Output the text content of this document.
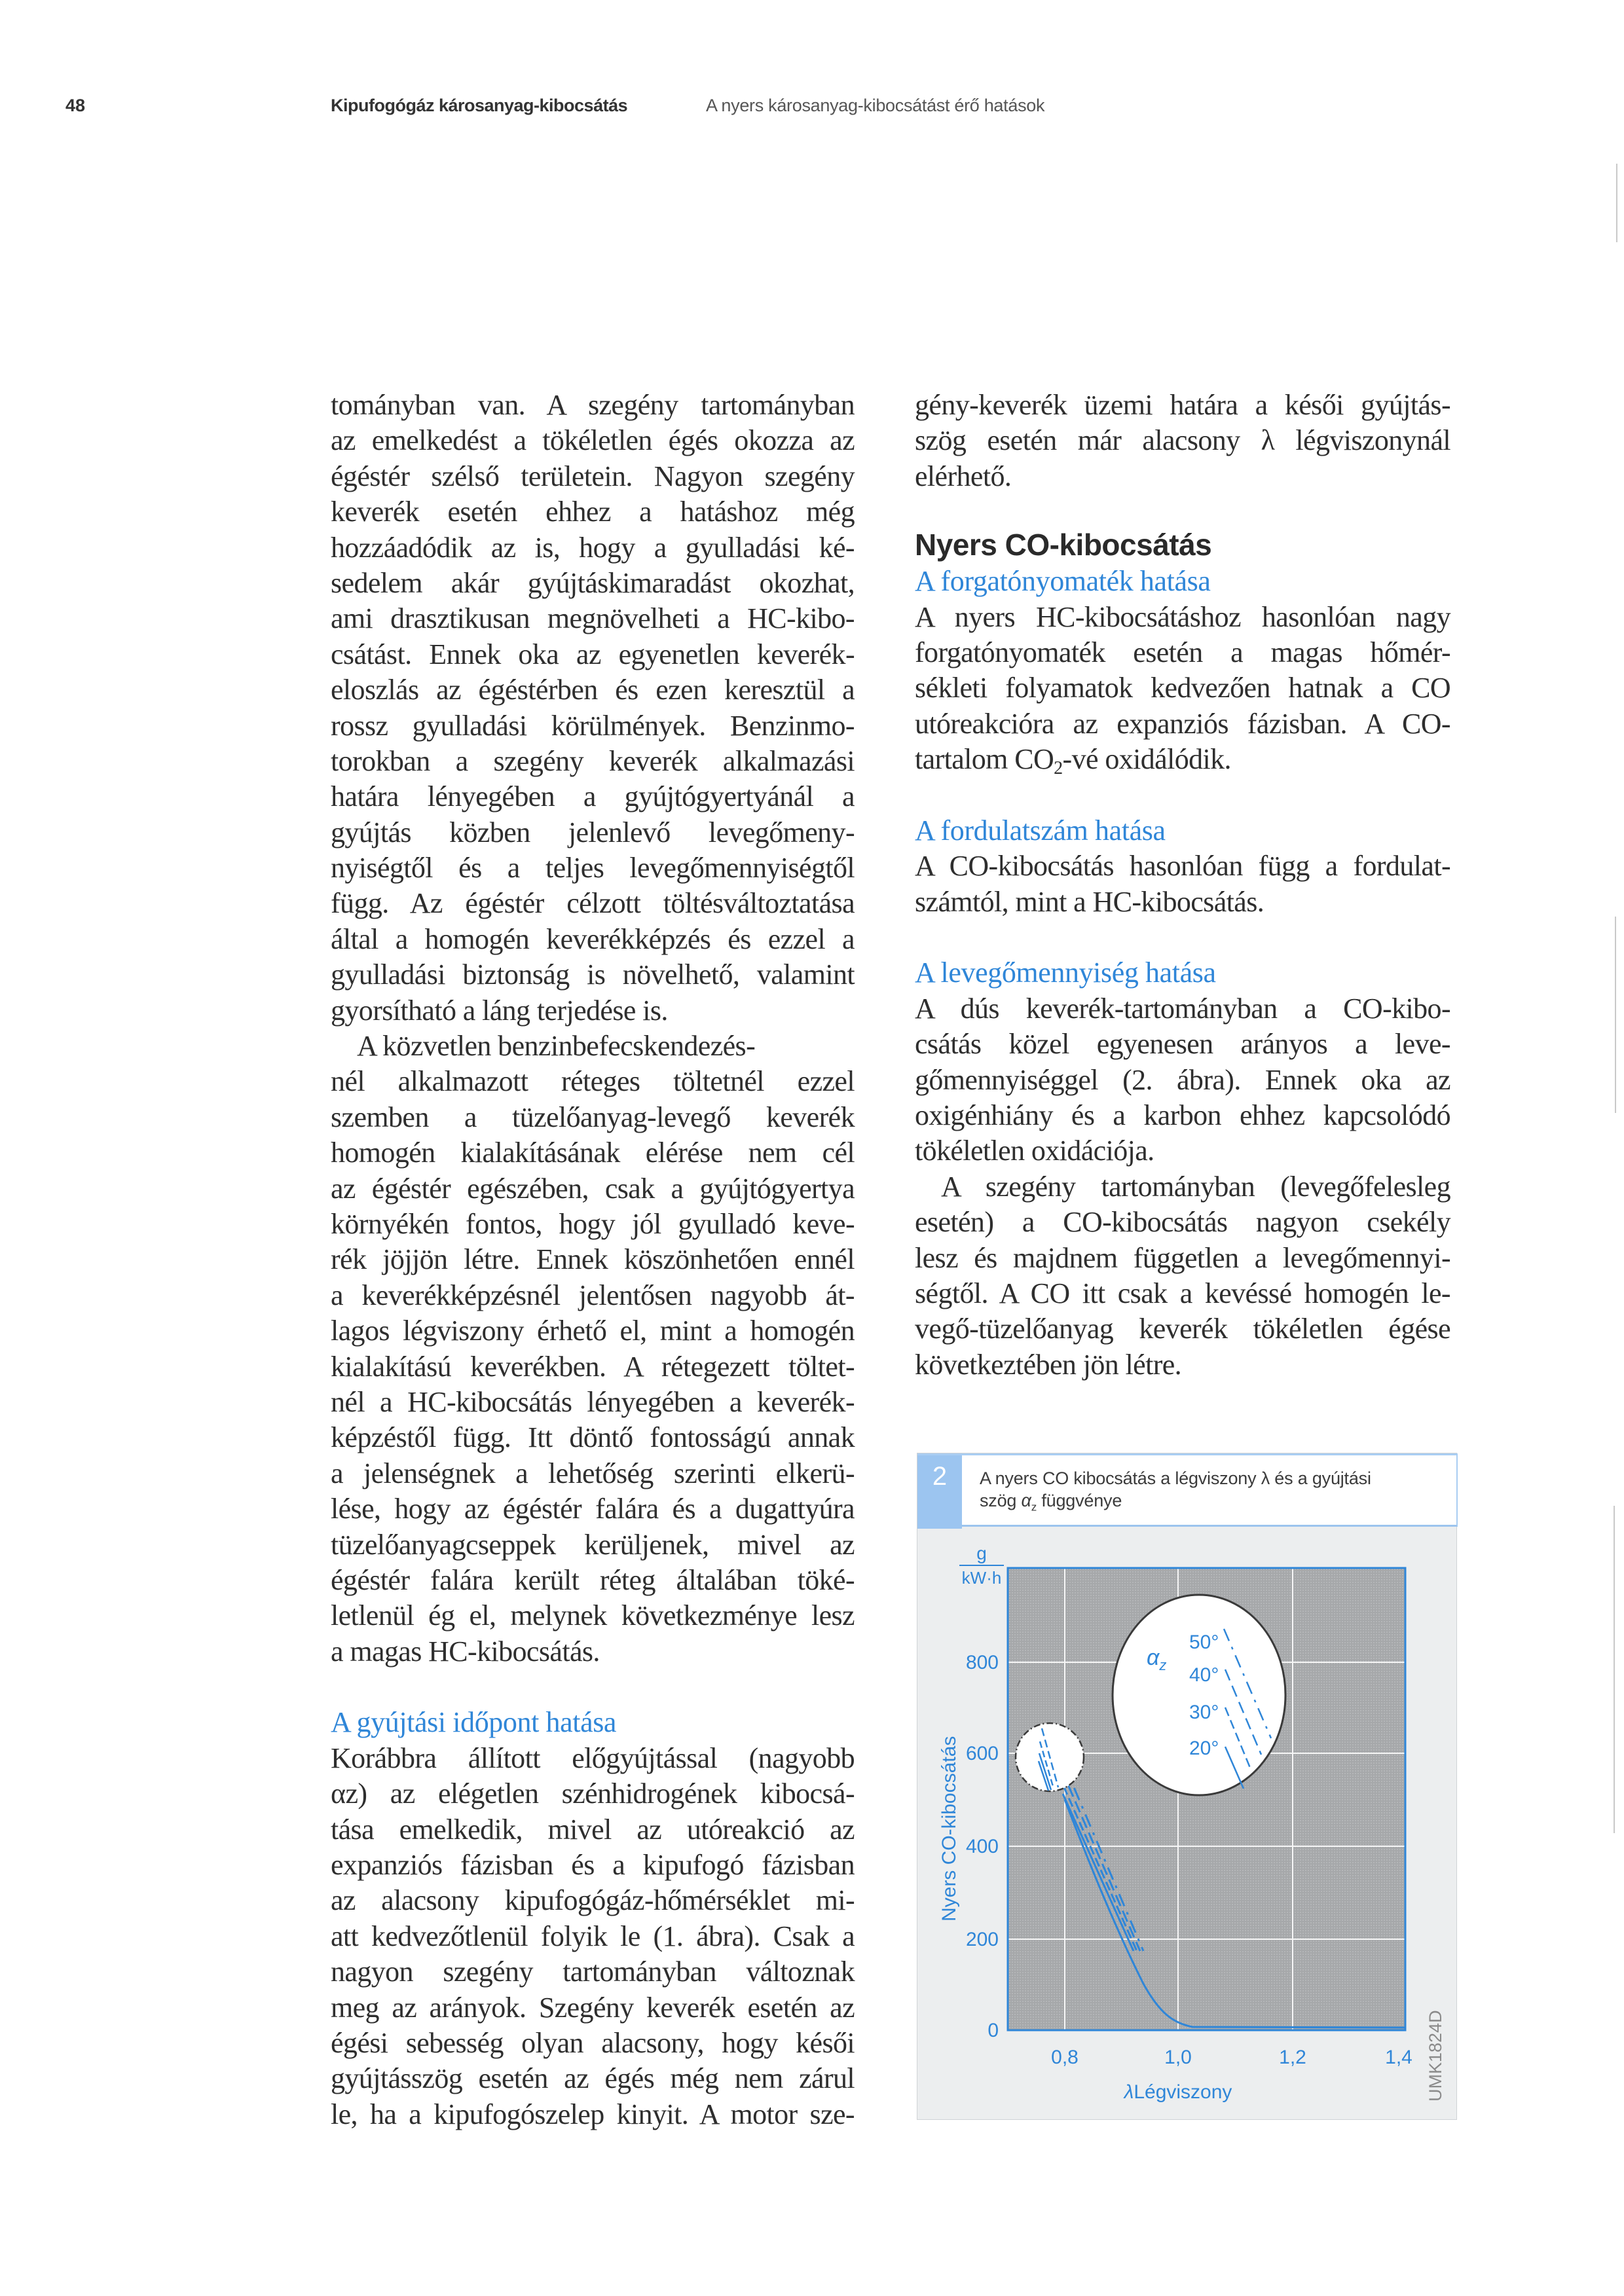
48	Kipufogógáz károsanyag-kibocsátás	A nyers károsanyag-kibocsátást érő hatások
tományban van. A szegény tartományban
az emelkedést a tökéletlen égés okozza az
égéstér szélső területein. Nagyon szegény
keverék esetén ehhez a hatáshoz még
hozzáadódik az is, hogy a gyulladási ké-
sedelem akár gyújtáskimaradást okozhat,
ami drasztikusan megnövelheti a HC-kibo-
csátást. Ennek oka az egyenetlen keverék-
eloszlás az égéstérben és ezen keresztül a
rossz gyulladási körülmények. Benzinmo-
torokban a szegény keverék alkalmazási
határa lényegében a gyújtógyertyánál a
gyújtás közben jelenlevő levegőmeny-
nyiségtől és a teljes levegőmennyiségtől
függ. Az égéstér célzott töltésváltoztatása
által a homogén keverékképzés és ezzel a
gyulladási biztonság is növelhető, valamint
gyorsítható a láng terjedése is.
A közvetlen benzinbefecskendezés-
nél alkalmazott réteges töltetnél ezzel
szemben a tüzelőanyag-levegő keverék
homogén kialakításának elérése nem cél
az égéstér egészében, csak a gyújtógyertya
környékén fontos, hogy jól gyulladó keve-
rék jöjjön létre. Ennek köszönhetően ennél
a keverékképzésnél jelentősen nagyobb át-
lagos légviszony érhető el, mint a homogén
kialakítású keverékben. A rétegezett töltet-
nél a HC-kibocsátás lényegében a keverék-
képzéstől függ. Itt döntő fontosságú annak
a jelenségnek a lehetőség szerinti elkerü-
lése, hogy az égéstér falára és a dugattyúra
tüzelőanyagcseppek kerüljenek, mivel az
égéstér falára került réteg általában töké-
letlenül ég el, melynek következménye lesz
a magas HC-kibocsátás.
A gyújtási időpont hatása
Korábbra állított előgyújtással (nagyobb
αz) az elégetlen szénhidrogének kibocsá-
tása emelkedik, mivel az utóreakció az
expanziós fázisban és a kipufogó fázisban
az alacsony kipufogógáz-hőmérséklet mi-
att kedvezőtlenül folyik le (1. ábra). Csak a
nagyon szegény tartományban változnak
meg az arányok. Szegény keverék esetén az
égési sebesség olyan alacsony, hogy késői
gyújtásszög esetén az égés még nem zárul
le, ha a kipufogószelep kinyit. A motor sze-
gény-keverék üzemi határa a késői gyújtás-
szög esetén már alacsony λ légviszonynál
elérhető.
Nyers CO-kibocsátás
A forgatónyomaték hatása
A nyers HC-kibocsátáshoz hasonlóan nagy
forgatónyomaték esetén a magas hőmér-
sékleti folyamatok kedvezően hatnak a CO
utóreakcióra az expanziós fázisban. A CO-
tartalom CO2-vé oxidálódik.
A fordulatszám hatása
A CO-kibocsátás hasonlóan függ a fordulat-
számtól, mint a HC-kibocsátás.
A levegőmennyiség hatása
A dús keverék-tartományban a CO-kibo-
csátás közel egyenesen arányos a leve-
gőmennyiséggel (2. ábra). Ennek oka az
oxigénhiány és a karbon ehhez kapcsolódó
tökéletlen oxidációja.
A szegény tartományban (levegőfelesleg
esetén) a CO-kibocsátás nagyon csekély
lesz és majdnem független a levegőmennyi-
ségtől. A CO itt csak a kevéssé homogén le-
vegő-tüzelőanyag keverék tökéletlen égése
következtében jön létre.
2	A nyers CO kibocsátás a légviszony λ és a gyújtási
szög $\alpha_z$ függvénye
g
kW·h
800
600
400
200
0
Nyers CO-kibocsátás
0,8	1,0	1,2	1,4
λLégviszony
$\alpha_z$
50°
40°
30°
20°
UMK1824D
